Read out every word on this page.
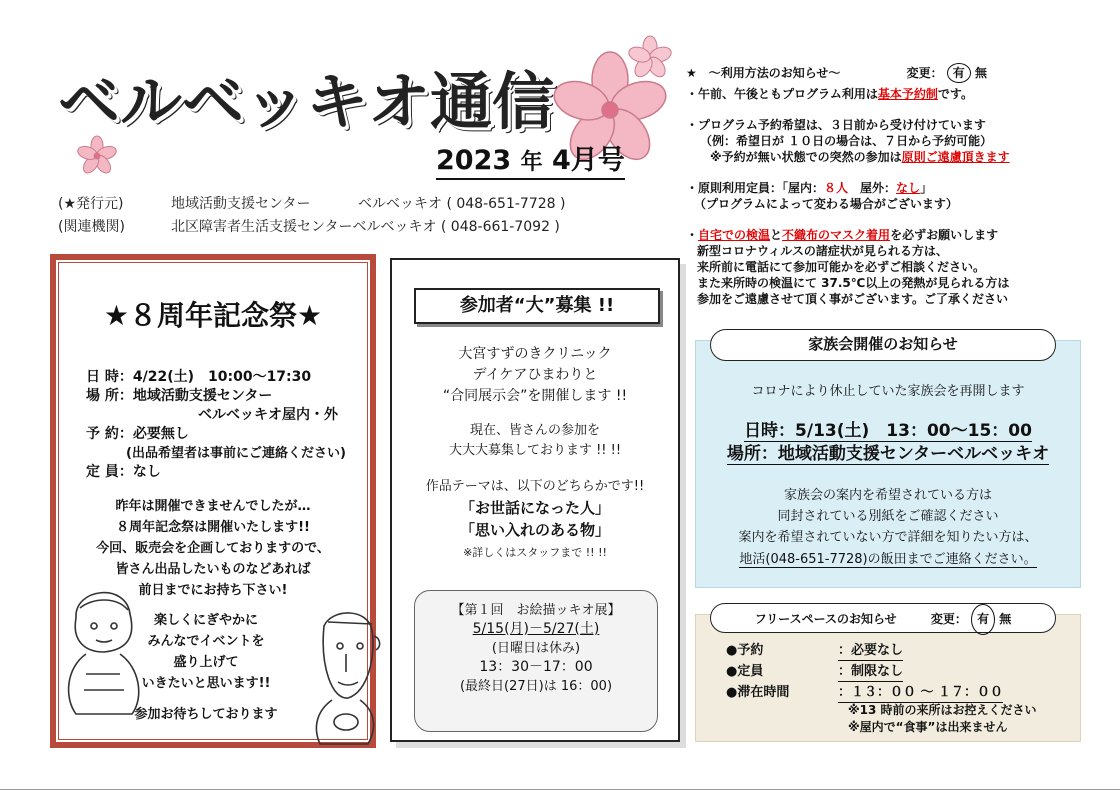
ベルベッキオ通信
2023 年 4月号
(★発行元)	地域活動支援センター	ベルベッキオ ( 048-651-7728 )
(関連機関)	北区障害者生活支援センターベルベッキオ ( 048-661-7092 )
★　～利用方法のお知らせ～	変更： 有 無
・午前、午後ともプログラム利用は基本予約制です。
・プログラム予約希望は、３日前から受け付けています
（例：希望日が １０日の場合は、７日から予約可能）
※予約が無い状態での突然の参加は原則ご遠慮頂きます
・原則利用定員：「屋内：８人　屋外：なし」
（プログラムによって変わる場合がございます）
・自宅での検温と不織布のマスク着用を必ずお願いします
新型コロナウィルスの諸症状が見られる方は、
来所前に電話にて参加可能かを必ずご相談ください。
また来所時の検温にて 37.5℃以上の発熱が見られる方は
参加をご遠慮させて頂く事がございます。ご了承ください
★８周年記念祭★
日 時：4/22(土)　10:00～17:30
場 所：地域活動支援センター
ベルベッキオ屋内・外
予 約：必要無し
(出品希望者は事前にご連絡ください)
定 員：なし
昨年は開催できませんでしたが…
８周年記念祭は開催いたします!!
今回、販売会を企画しておりますので、
皆さん出品したいものなどあれば
前日までにお持ち下さい!
楽しくにぎやかに
みんなでイベントを
盛り上げて
いきたいと思います!!
参加お待ちしております
参加者“大”募集 !!
大宮すずのきクリニック
デイケアひまわりと
“合同展示会”を開催します !!
現在、皆さんの参加を
大大大募集しております !! !!
作品テーマは、以下のどちらかです!!
「お世話になった人」
「思い入れのある物」
※詳しくはスタッフまで !! !!
【第１回　お絵描ッキオ展】
5/15(月)－5/27(土)
(日曜日は休み)
13：30－17：00
(最終日(27日)は 16：00)
家族会開催のお知らせ
コロナにより休止していた家族会を再開します
日時：5/13(土)　13：00～15：00
場所：地域活動支援センターベルベッキオ
家族会の案内を希望されている方は
同封されている別紙をご確認ください
案内を希望されていない方で詳細を知りたい方は、
地活(048-651-7728)の飯田までご連絡ください。
フリースペースのお知らせ	変更： 有 無
●予約	：必要なし
●定員	：制限なし
●滞在時間	：１３：００ ～ １７：００
※13 時前の来所はお控えください
※屋内で“食事”は出来ません
